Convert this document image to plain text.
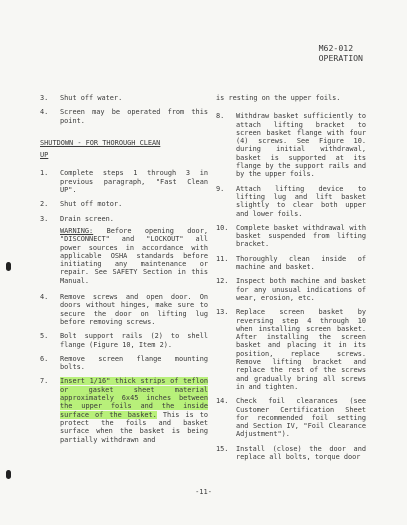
M62-012
OPERATION
3.	Shut off water.
4.	Screen may be operated from this point.
SHUTDOWN - FOR THOROUGH CLEAN
UP
1.	Complete steps 1 through 3 in previous paragraph, "Fast Clean UP".
2.	Shut off motor.
3.	Drain screen.
WARNING: Before opening door, "DISCONNECT" and "LOCKOUT" all power sources in accordance with applicable OSHA standards before initiating any maintenance or repair. See SAFETY Section in this Manual.
4.	Remove screws and open door. On doors without hinges, make sure to secure the door on lifting lug before removing screws.
5.	Bolt support rails (2) to shell flange (Figure 10, Item 2).
6.	Remove screen flange mounting bolts.
7.	Insert 1/16" thick strips of teflon or gasket sheet material approximately 6x45 inches between the upper foils and the inside surface of the basket. This is to protect the foils and basket surface when the basket is being partially withdrawn and
is resting on the upper foils.
8.	Withdraw basket sufficiently to attach lifting bracket to screen basket flange with four (4) screws. See Figure 10. during initial withdrawal, basket is supported at its flange by the support rails and by the upper foils.
9.	Attach lifting device to lifting lug and lift basket slightly to clear both upper and lower foils.
10.	Complete basket withdrawal with basket suspended from lifting bracket.
11.	Thoroughly clean inside of machine and basket.
12.	Inspect both machine and basket for any unusual indications of wear, erosion, etc.
13.	Replace screen basket by reversing step 4 through 10 when installing screen basket. After installing the screen basket and placing it in its position, replace screws. Remove lifting bracket and replace the rest of the screws and gradually bring all screws in and tighten.
14.	Check foil clearances (see Customer Certification Sheet for recommended foil setting and Section IV, "Foil Clearance Adjustment").
15.	Install (close) the door and replace all bolts, torque door
-11-
